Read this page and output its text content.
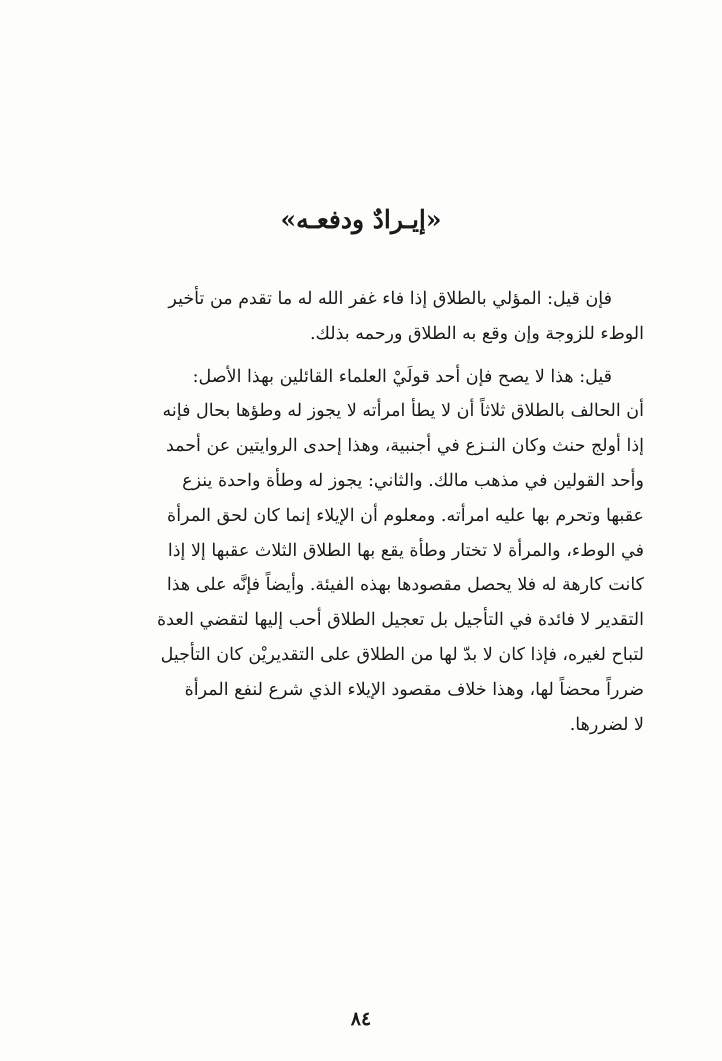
«إيـرادٌ ودفعـه»

فإن قيل: المؤلي بالطلاق إذا فاء غفر الله له ما تقدم من تأخير
الوطء للزوجة وإن وقع به الطلاق ورحمه بذلك.

قيل: هذا لا يصح فإن أحد قولَيْ العلماء القائلين بهذا الأصل:
أن الحالف بالطلاق ثلاثاً أن لا يطأ امرأته لا يجوز له وطؤها بحال فإنه
إذا أولج حنث وكان النـزع في أجنبية، وهذا إحدى الروايتين عن أحمد
وأحد القولين في مذهب مالك. والثاني: يجوز له وطأة واحدة ينزع
عقبها وتحرم بها عليه امرأته. ومعلوم أن الإيلاء إنما كان لحق المرأة
في الوطء، والمرأة لا تختار وطأة يقع بها الطلاق الثلاث عقبها إلا إذا
كانت كارهة له فلا يحصل مقصودها بهذه الفيئة. وأيضاً فإنَّه على هذا
التقدير لا فائدة في التأجيل بل تعجيل الطلاق أحب إليها لتقضي العدة
لتباح لغيره، فإذا كان لا بدّ لها من الطلاق على التقديريْن كان التأجيل
ضرراً محضاً لها، وهذا خلاف مقصود الإيلاء الذي شرع لنفع المرأة
لا لضررها.

٨٤
